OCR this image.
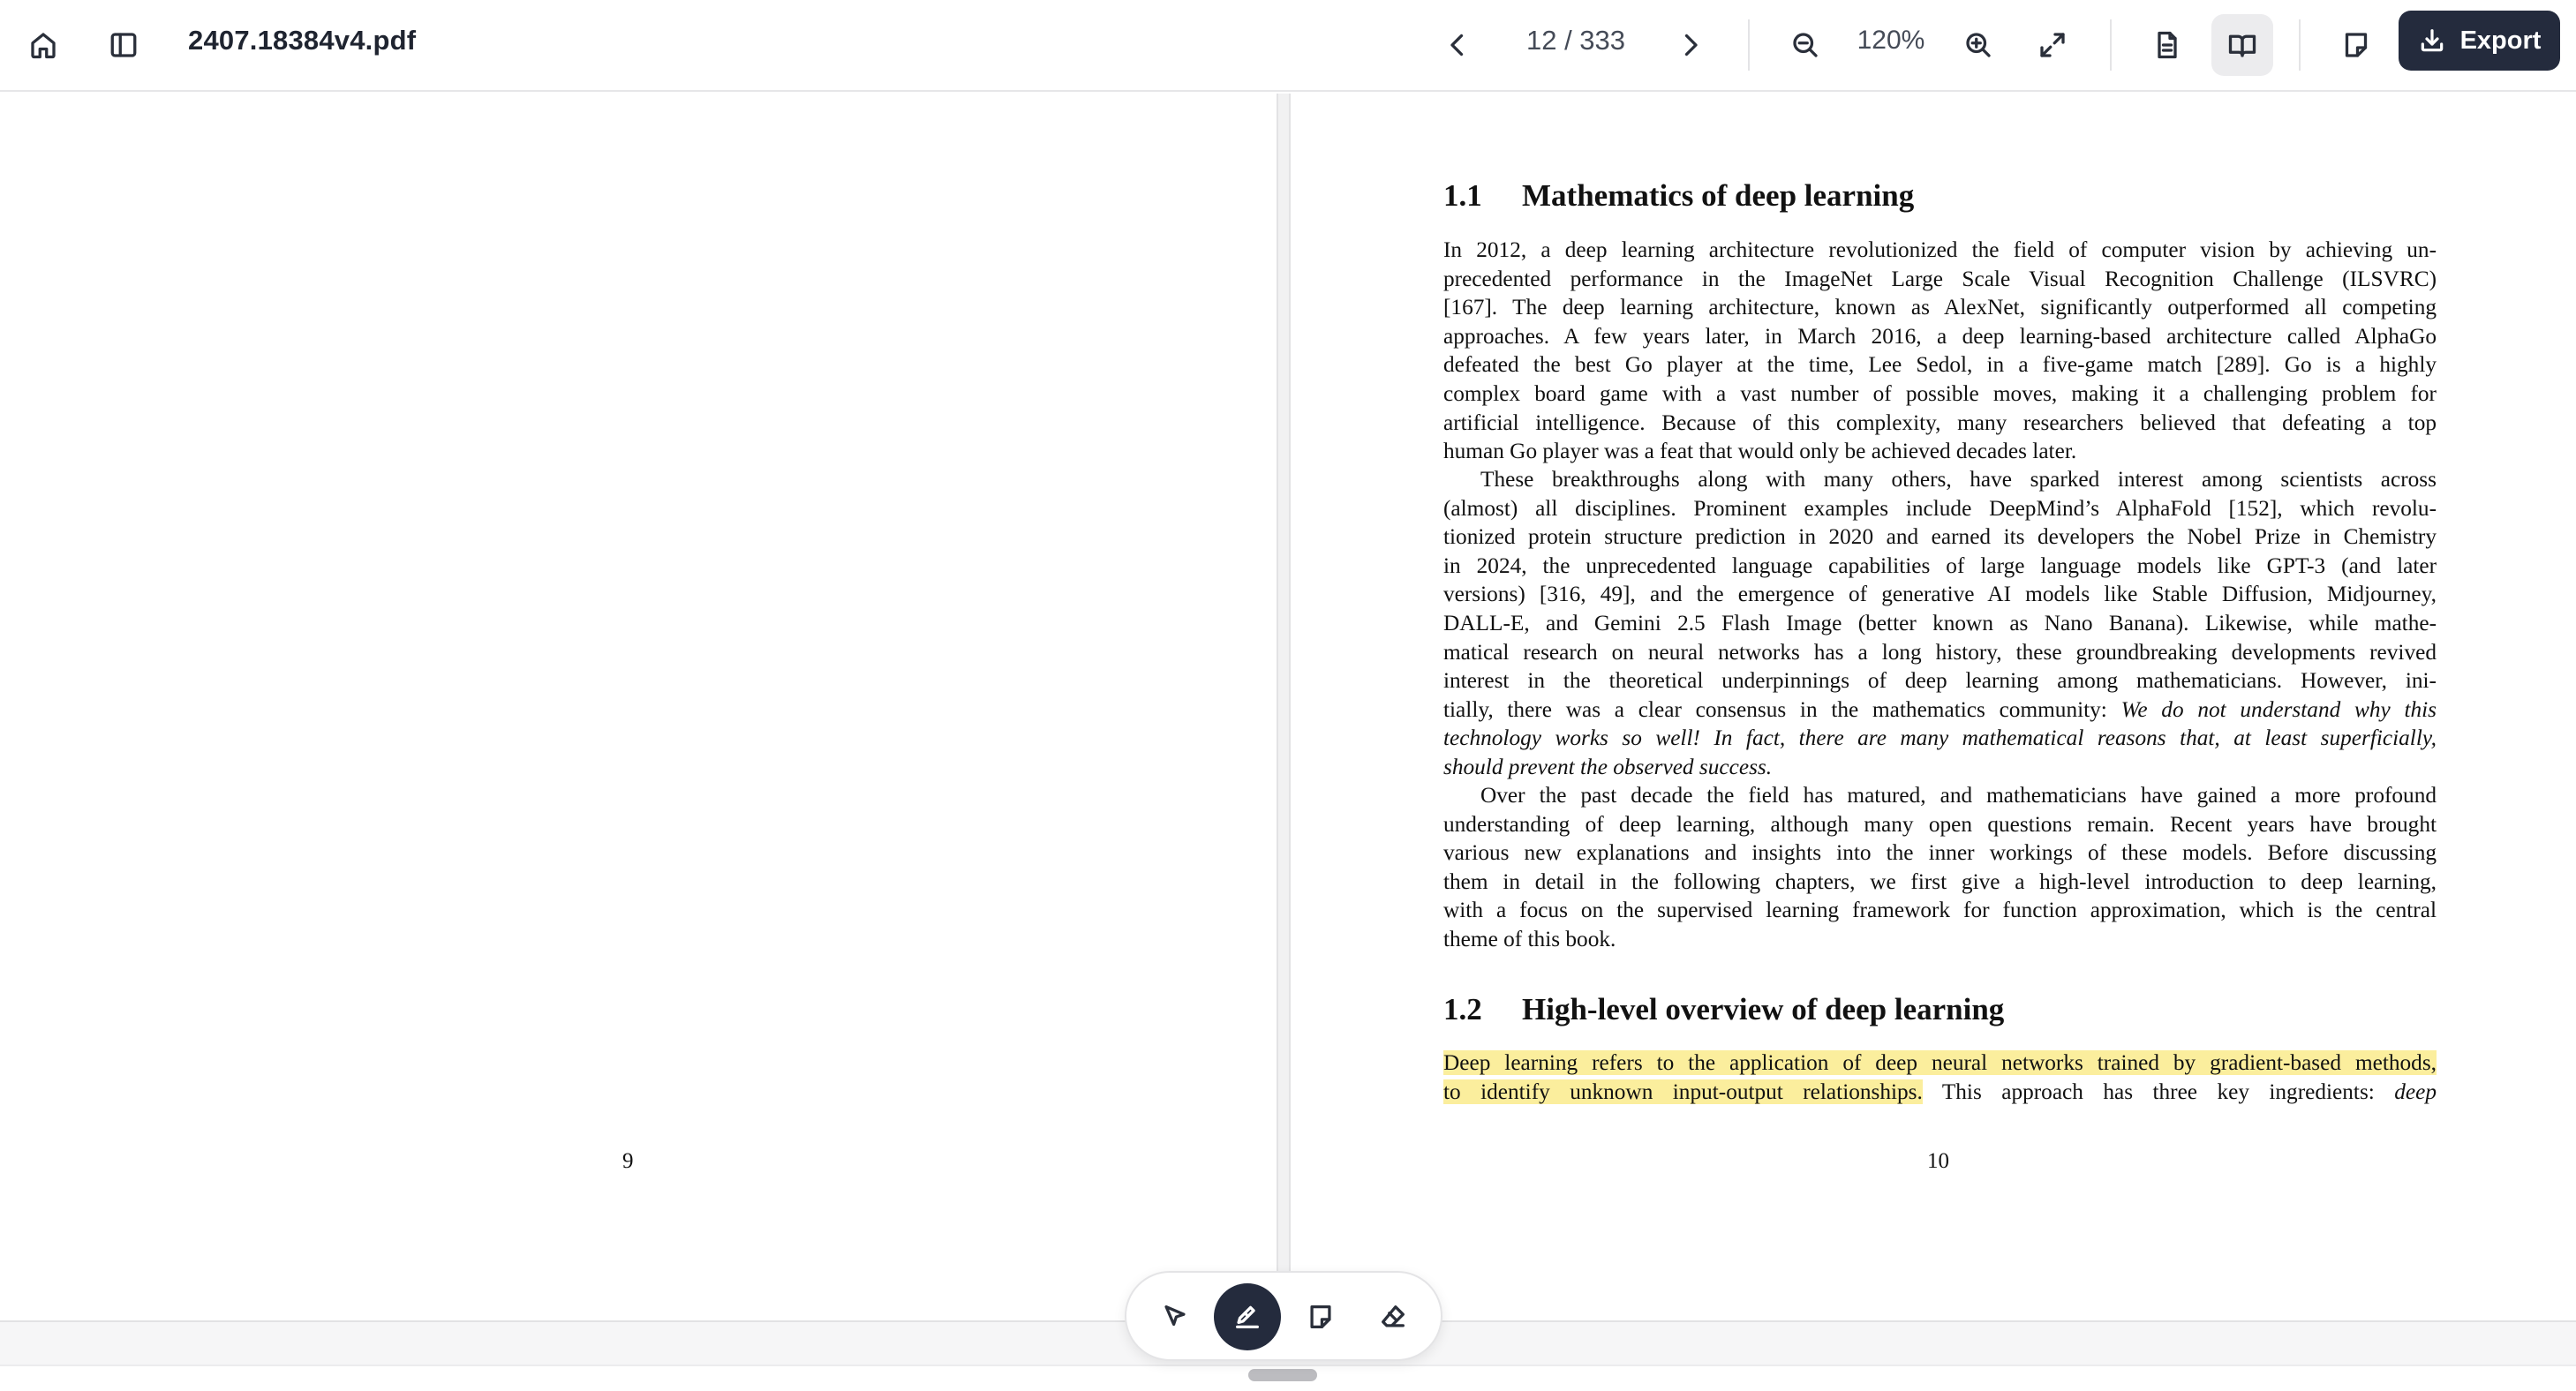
2407.18384v4.pdf	12 / 333	120%	Export
9
1.1 Mathematics of deep learning
In 2012, a deep learning architecture revolutionized the field of computer vision by achieving un-
precedented performance in the ImageNet Large Scale Visual Recognition Challenge (ILSVRC)
[167]. The deep learning architecture, known as AlexNet, significantly outperformed all competing
approaches. A few years later, in March 2016, a deep learning-based architecture called AlphaGo
defeated the best Go player at the time, Lee Sedol, in a five-game match [289]. Go is a highly
complex board game with a vast number of possible moves, making it a challenging problem for
artificial intelligence. Because of this complexity, many researchers believed that defeating a top
human Go player was a feat that would only be achieved decades later.
These breakthroughs along with many others, have sparked interest among scientists across
(almost) all disciplines. Prominent examples include DeepMind’s AlphaFold [152], which revolu-
tionized protein structure prediction in 2020 and earned its developers the Nobel Prize in Chemistry
in 2024, the unprecedented language capabilities of large language models like GPT-3 (and later
versions) [316, 49], and the emergence of generative AI models like Stable Diffusion, Midjourney,
DALL-E, and Gemini 2.5 Flash Image (better known as Nano Banana). Likewise, while mathe-
matical research on neural networks has a long history, these groundbreaking developments revived
interest in the theoretical underpinnings of deep learning among mathematicians. However, ini-
tially, there was a clear consensus in the mathematics community: We do not understand why this
technology works so well! In fact, there are many mathematical reasons that, at least superficially,
should prevent the observed success.
Over the past decade the field has matured, and mathematicians have gained a more profound
understanding of deep learning, although many open questions remain. Recent years have brought
various new explanations and insights into the inner workings of these models. Before discussing
them in detail in the following chapters, we first give a high-level introduction to deep learning,
with a focus on the supervised learning framework for function approximation, which is the central
theme of this book.
1.2 High-level overview of deep learning
Deep learning refers to the application of deep neural networks trained by gradient-based methods,
to identify unknown input-output relationships. This approach has three key ingredients: deep
10
